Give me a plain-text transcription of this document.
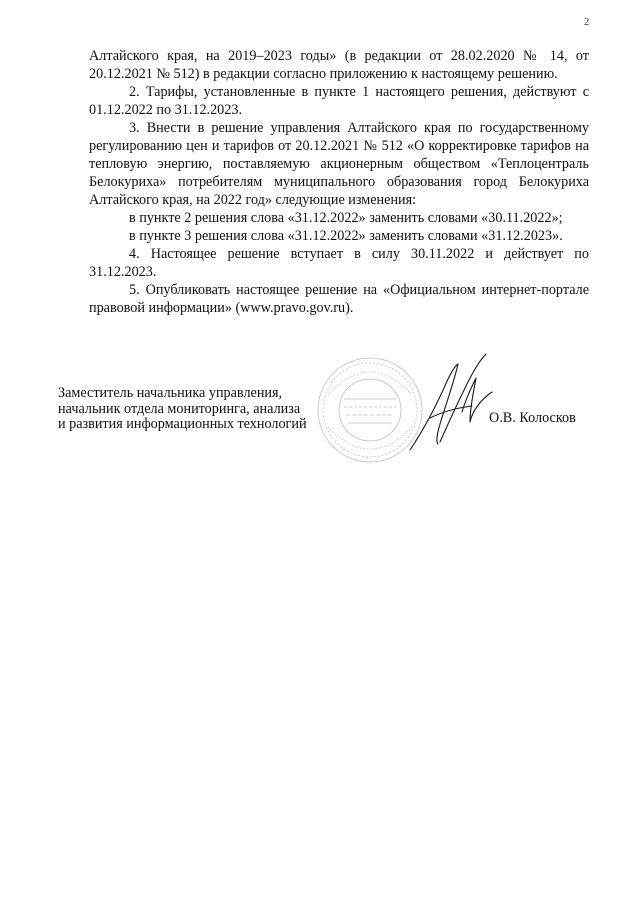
2

Алтайского края, на 2019–2023 годы» (в редакции от 28.02.2020 № 14, от 20.12.2021 № 512) в редакции согласно приложению к настоящему решению.

2. Тарифы, установленные в пункте 1 настоящего решения, действуют с 01.12.2022 по 31.12.2023.

3. Внести в решение управления Алтайского края по государственному регулированию цен и тарифов от 20.12.2021 № 512 «О корректировке тарифов на тепловую энергию, поставляемую акционерным обществом «Теплоцентраль Белокуриха» потребителям муниципального образования город Белокуриха Алтайского края, на 2022 год» следующие изменения:

в пункте 2 решения слова «31.12.2022» заменить словами «30.11.2022»;

в пункте 3 решения слова «31.12.2022» заменить словами «31.12.2023».

4. Настоящее решение вступает в силу 30.11.2022 и действует по 31.12.2023.

5. Опубликовать настоящее решение на «Официальном интернет-портале правовой информации» (www.pravo.gov.ru).

Заместитель начальника управления,
начальник отдела мониторинга, анализа
и развития информационных технологий	О.В. Колосков
